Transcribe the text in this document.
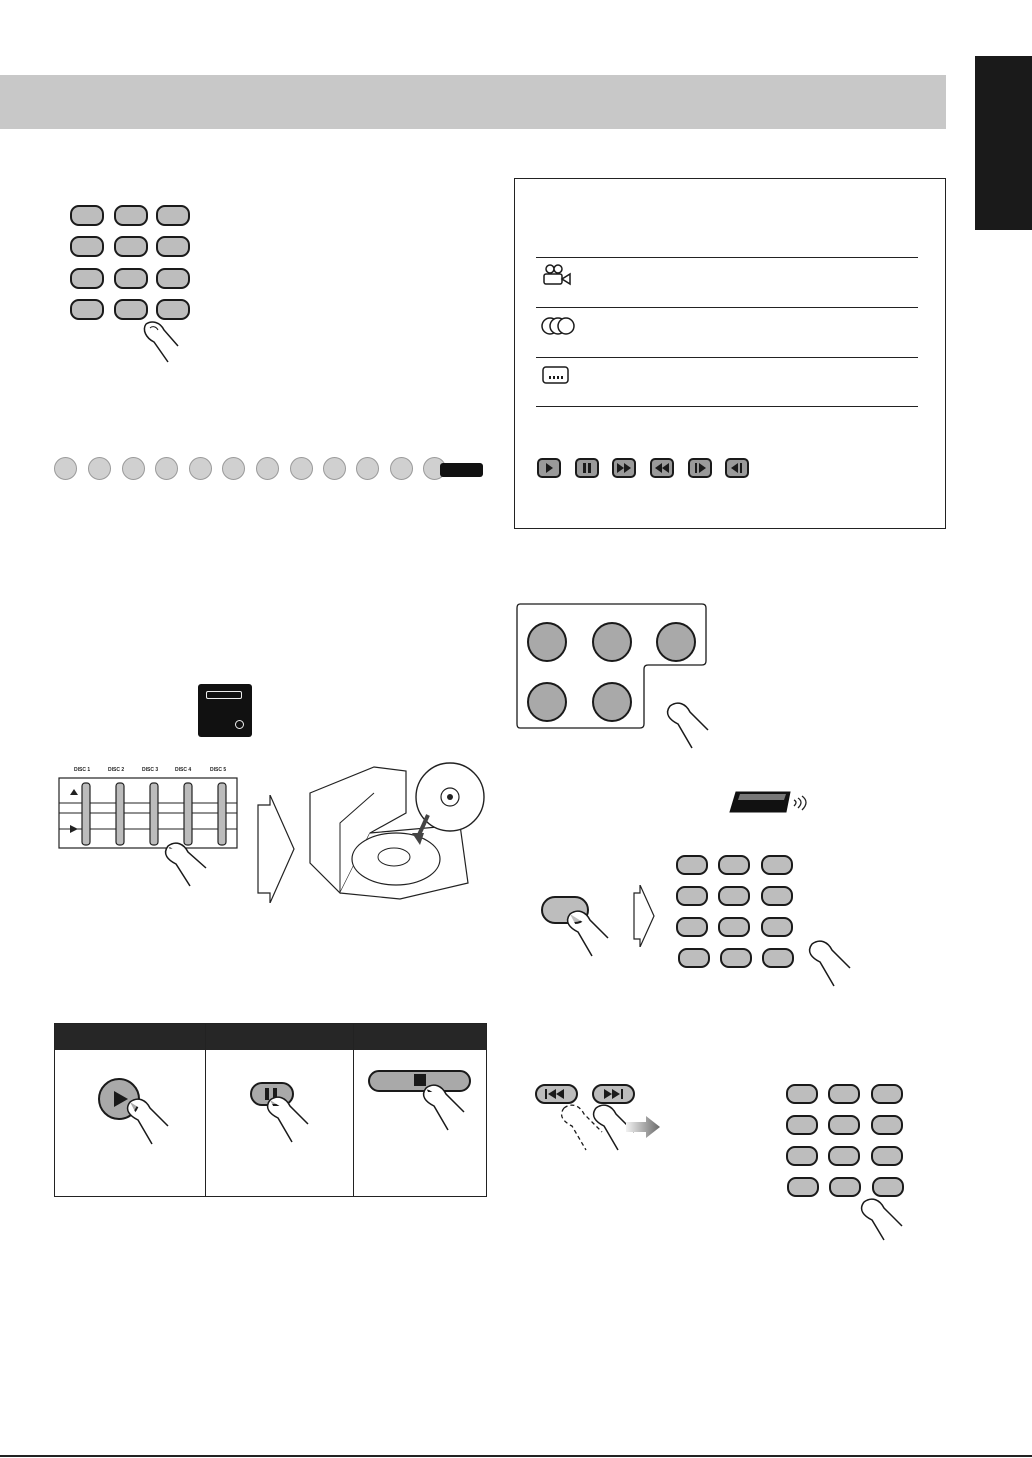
DISC 1	DISC 2	DISC 3	DISC 4	DISC 5
